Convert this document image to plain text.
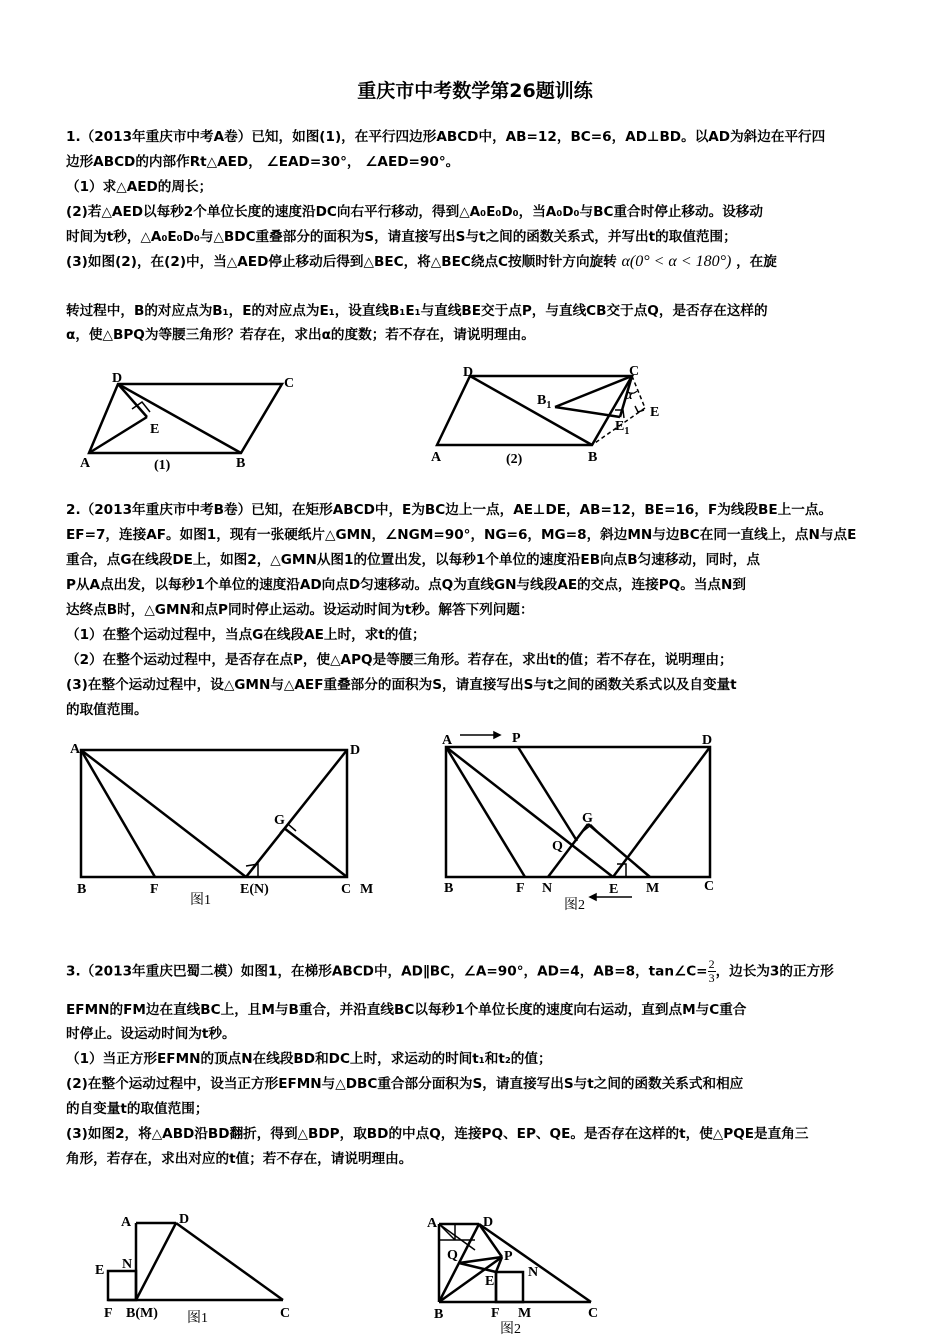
重庆市中考数学第26题训练
1.（2013年重庆市中考A卷）已知，如图(1)，在平行四边形ABCD中，AB=12，BC=6，AD⊥BD。以AD为斜边在平行四
边形ABCD的内部作Rt△AED， ∠EAD=30°， ∠AED=90°。
（1）求△AED的周长；
(2)若△AED以每秒2个单位长度的速度沿DC向右平行移动，得到△A₀E₀D₀，当A₀D₀与BC重合时停止移动。设移动
时间为t秒，△A₀E₀D₀与△BDC重叠部分的面积为S，请直接写出S与t之间的函数关系式，并写出t的取值范围；
(3)如图(2)，在(2)中，当△AED停止移动后得到△BEC，将△BEC绕点C按顺时针方向旋转 α(0° < α < 180°) ，在旋
转过程中，B的对应点为B₁，E的对应点为E₁，设直线B₁E₁与直线BE交于点P，与直线CB交于点Q，是否存在这样的
α，使△BPQ为等腰三角形？若存在，求出α的度数；若不存在，请说明理由。
A
D	C
E
B
(1)
A
D	C
$B_1$
α
E
$E_1$
B
(2)
2.（2013年重庆市中考B卷）已知，在矩形ABCD中，E为BC边上一点，AE⊥DE，AB=12，BE=16，F为线段BE上一点。
EF=7，连接AF。如图1，现有一张硬纸片△GMN，∠NGM=90°，NG=6，MG=8，斜边MN与边BC在同一直线上，点N与点E
重合，点G在线段DE上，如图2，△GMN从图1的位置出发，以每秒1个单位的速度沿EB向点B匀速移动，同时，点
P从A点出发，以每秒1个单位的速度沿AD向点D匀速移动。点Q为直线GN与线段AE的交点，连接PQ。当点N到
达终点B时，△GMN和点P同时停止运动。设运动时间为t秒。解答下列问题：
（1）在整个运动过程中，当点G在线段AE上时，求t的值；
（2）在整个运动过程中，是否存在点P，使△APQ是等腰三角形。若存在，求出t的值；若不存在，说明理由；
(3)在整个运动过程中，设△GMN与△AEF重叠部分的面积为S，请直接写出S与t之间的函数关系式以及自变量t
的取值范围。
A	D
G
B	F	E(N)	C M
图1
A	P	D
G
Q
B	F N	E M	C
图2
3.（2013年重庆巴蜀二模）如图1，在梯形ABCD中，AD∥BC，∠A=90°，AD=4，AB=8，tan∠C= $\frac{2}{3}$ ，边长为3的正方形
EFMN的FM边在直线BC上，且M与B重合，并沿直线BC以每秒1个单位长度的速度向右运动，直到点M与C重合
时停止。设运动时间为t秒。
（1）当正方形EFMN的顶点N在线段BD和DC上时，求运动的时间t₁和t₂的值；
(2)在整个运动过程中，设当正方形EFMN与△DBC重合部分面积为S，请直接写出S与t之间的函数关系式和相应
的自变量t的取值范围；
(3)如图2，将△ABD沿BD翻折，得到△BDP，取BD的中点Q，连接PQ、EP、QE。是否存在这样的t，使△PQE是直角三
角形，若存在，求出对应的t值；若不存在，请说明理由。
A	D
N
E
F B(M)	C
图1
A	D
Q	P
E
N
B	F M	C
图2
